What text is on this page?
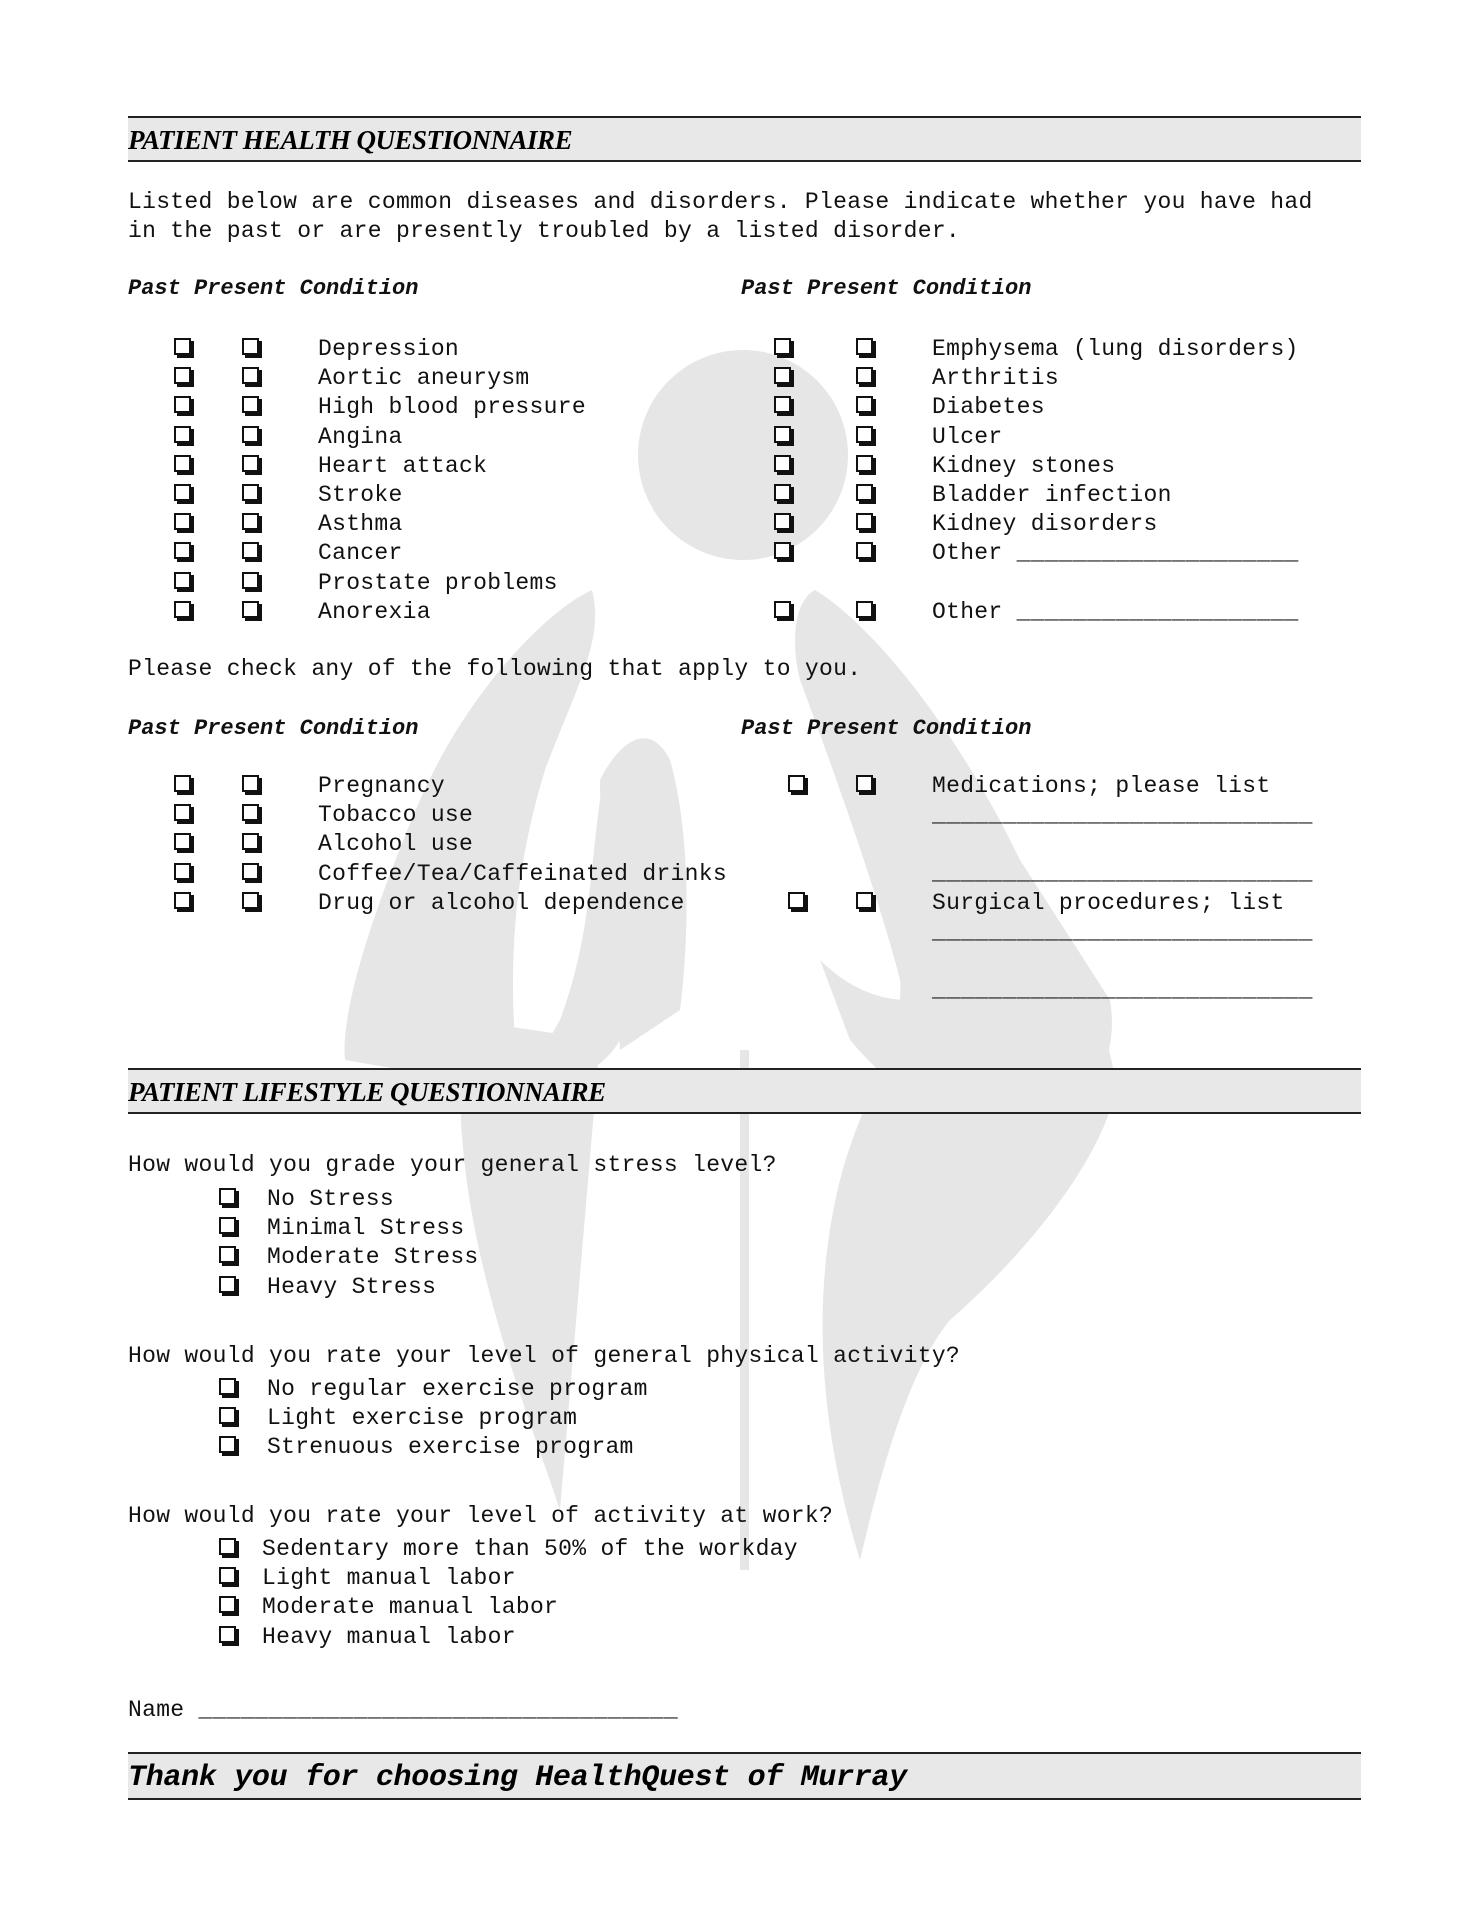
PATIENT HEALTH QUESTIONNAIRE
Listed below are common diseases and disorders. Please indicate whether you have had
in the past or are presently troubled by a listed disorder.
Past Present Condition	Past Present Condition
Depression
Aortic aneurysm
High blood pressure
Angina
Heart attack
Stroke
Asthma
Cancer
Prostate problems
Anorexia
Emphysema (lung disorders)
Arthritis
Diabetes
Ulcer
Kidney stones
Bladder infection
Kidney disorders
Other ____________________
Other ____________________
Please check any of the following that apply to you.
Past Present Condition	Past Present Condition
Pregnancy
Tobacco use
Alcohol use
Coffee/Tea/Caffeinated drinks
Drug or alcohol dependence
Medications; please list
___________________________
___________________________
Surgical procedures; list
___________________________
___________________________
PATIENT LIFESTYLE QUESTIONNAIRE
How would you grade your general stress level?
No Stress
Minimal Stress
Moderate Stress
Heavy Stress
How would you rate your level of general physical activity?
No regular exercise program
Light exercise program
Strenuous exercise program
How would you rate your level of activity at work?
Sedentary more than 50% of the workday
Light manual labor
Moderate manual labor
Heavy manual labor
Name __________________________________
Thank you for choosing HealthQuest of Murray
